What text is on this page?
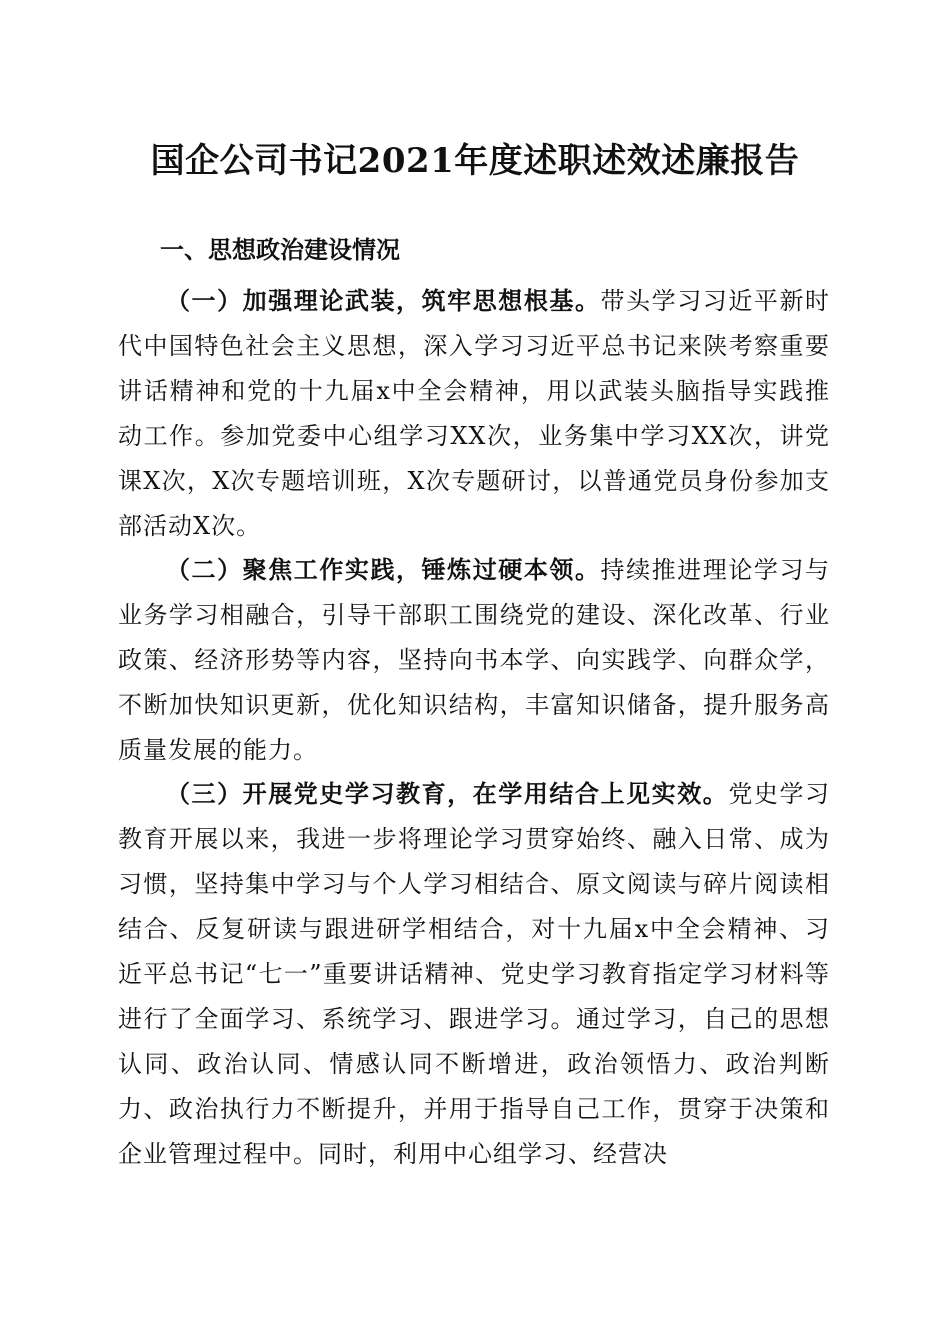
国企公司书记2021年度述职述效述廉报告
一、思想政治建设情况

（一）加强理论武装，筑牢思想根基。带头学习习近平新时代中国特色社会主义思想，深入学习习近平总书记来陕考察重要讲话精神和党的十九届x中全会精神，用以武装头脑指导实践推动工作。参加党委中心组学习XX次，业务集中学习XX次，讲党课X次，X次专题培训班，X次专题研讨，以普通党员身份参加支部活动X次。

（二）聚焦工作实践，锤炼过硬本领。持续推进理论学习与业务学习相融合，引导干部职工围绕党的建设、深化改革、行业政策、经济形势等内容，坚持向书本学、向实践学、向群众学，不断加快知识更新，优化知识结构，丰富知识储备，提升服务高质量发展的能力。

（三）开展党史学习教育，在学用结合上见实效。党史学习教育开展以来，我进一步将理论学习贯穿始终、融入日常、成为习惯，坚持集中学习与个人学习相结合、原文阅读与碎片阅读相结合、反复研读与跟进研学相结合，对十九届x中全会精神、习近平总书记“七一”重要讲话精神、党史学习教育指定学习材料等进行了全面学习、系统学习、跟进学习。通过学习，自己的思想认同、政治认同、情感认同不断增进，政治领悟力、政治判断力、政治执行力不断提升，并用于指导自己工作，贯穿于决策和企业管理过程中。同时，利用中心组学习、经营决
